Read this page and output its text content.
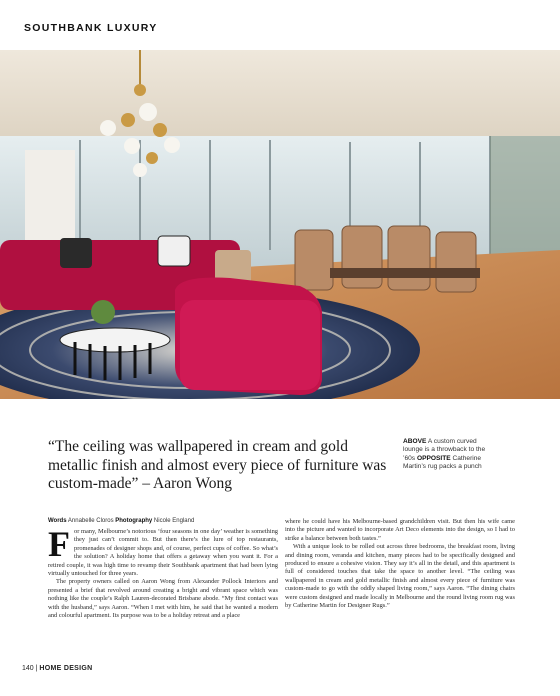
SOUTHBANK LUXURY
“The ceiling was wallpapered in cream and gold metallic finish and almost every piece of furniture was custom-made” – Aaron Wong
ABOVE A custom curved lounge is a throwback to the ’60s OPPOSITE Catherine Martin’s rug packs a punch
Words Annabelle Cloros Photography Nicole England

For many, Melbourne’s notorious ‘four seasons in one day’ weather is something they just can’t commit to. But then there’s the lure of top restaurants, promenades of designer shops and, of course, perfect cups of coffee. So what’s the solution? A holiday home that offers a getaway when you want it. For a retired couple, it was high time to revamp their Southbank apartment that had been lying virtually untouched for three years.

The property owners called on Aaron Wong from Alexander Pollock Interiors and presented a brief that revolved around creating a bright and vibrant space which was nothing like the couple’s Ralph Lauren-decorated Brisbane abode. “My first contact was with the husband,” says Aaron. “When I met with him, he said that he wanted a modern and colourful apartment. Its purpose was to be a holiday retreat and a place

where he could have his Melbourne-based grandchildren visit. But then his wife came into the picture and wanted to incorporate Art Deco elements into the design, so I had to strike a balance between both tastes.”

With a unique look to be rolled out across three bedrooms, the breakfast room, living and dining room, veranda and kitchen, many pieces had to be specifically designed and produced to ensure a cohesive vision. They say it’s all in the detail, and this apartment is full of considered touches that take the space to another level. “The ceiling was wallpapered in cream and gold metallic finish and almost every piece of furniture was custom-made to go with the oddly shaped living room,” says Aaron. “The dining chairs were custom designed and made locally in Melbourne and the round living room rug was by Catherine Martin for Designer Rugs.”

140 | HOME DESIGN
